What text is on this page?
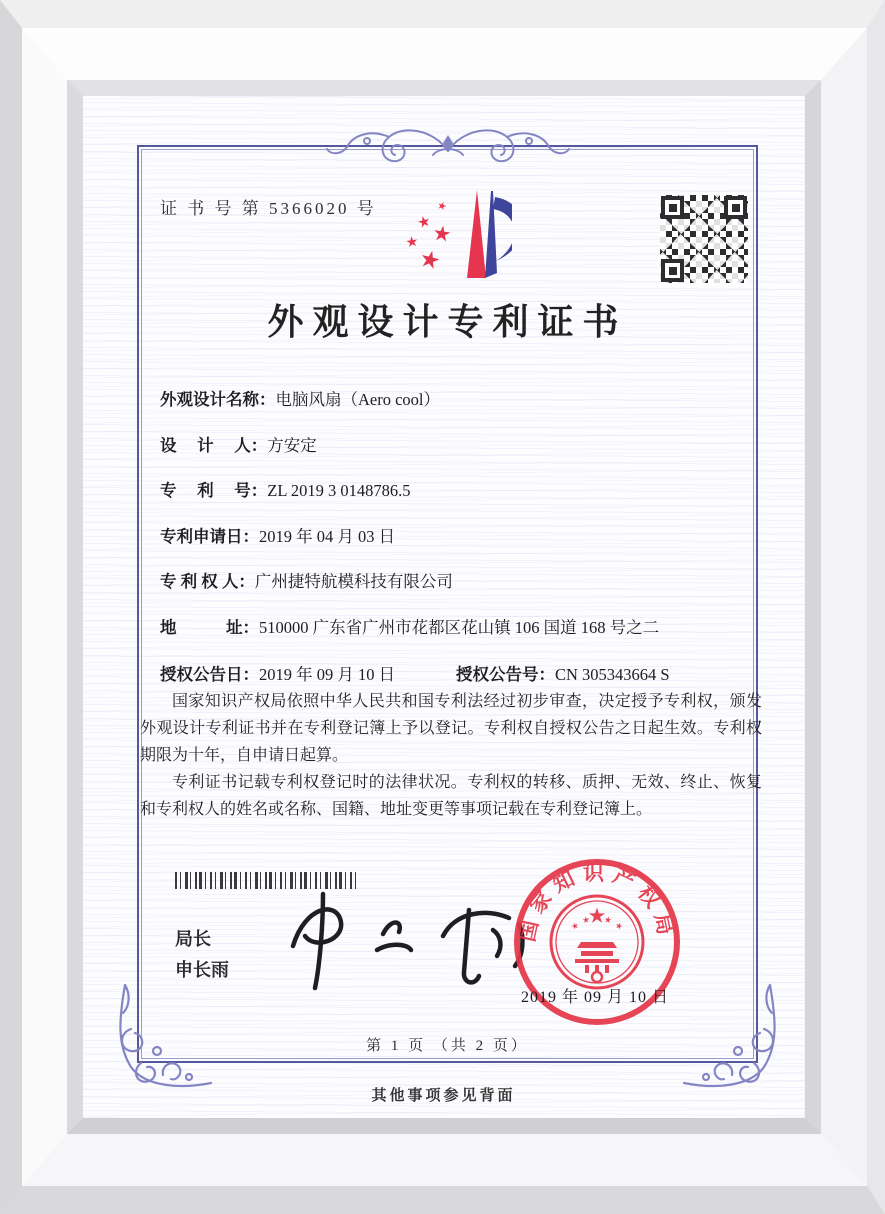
证 书 号 第 5366020 号
外观设计专利证书

外观设计名称：电脑风扇（Aero cool）

设　 计 　人：方安定

专　 利 　号：ZL 2019 3 0148786.5

专利申请日：2019 年 04 月 03 日

专 利 权 人：广州捷特航模科技有限公司

地　　　址：510000 广东省广州市花都区花山镇 106 国道 168 号之二

授权公告日：2019 年 09 月 10 日	授权公告号：CN 305343664 S

国家知识产权局依照中华人民共和国专利法经过初步审查，决定授予专利权，颁发外观设计专利证书并在专利登记簿上予以登记。专利权自授权公告之日起生效。专利权期限为十年，自申请日起算。

专利证书记载专利权登记时的法律状况。专利权的转移、质押、无效、终止、恢复和专利权人的姓名或名称、国籍、地址变更等事项记载在专利登记簿上。

局长
申长雨
国家知识产权局
2019 年 09 月 10 日
第 1 页 （共 2 页）
其他事项参见背面
